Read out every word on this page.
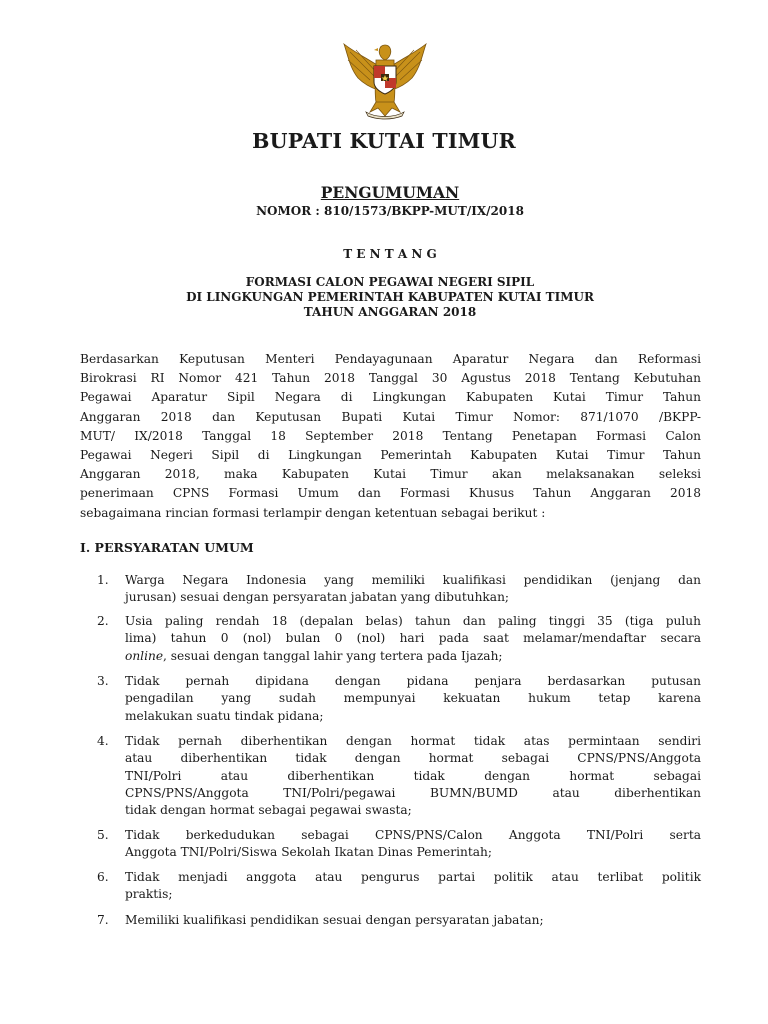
BUPATI KUTAI TIMUR
PENGUMUMAN
NOMOR : 810/1573/BKPP-MUT/IX/2018
T E N T A N G
FORMASI CALON PEGAWAI NEGERI SIPIL
DI LINGKUNGAN PEMERINTAH KABUPATEN KUTAI TIMUR
TAHUN ANGGARAN 2018
Berdasarkan Keputusan Menteri Pendayagunaan Aparatur Negara dan Reformasi
Birokrasi RI Nomor 421 Tahun 2018 Tanggal 30 Agustus 2018 Tentang Kebutuhan
Pegawai Aparatur Sipil Negara di Lingkungan Kabupaten Kutai Timur Tahun
Anggaran 2018 dan Keputusan Bupati Kutai Timur Nomor: 871/1070 /BKPP-
MUT/ IX/2018 Tanggal 18 September 2018 Tentang Penetapan Formasi Calon
Pegawai Negeri Sipil di Lingkungan Pemerintah Kabupaten Kutai Timur Tahun
Anggaran 2018, maka Kabupaten Kutai Timur akan melaksanakan seleksi
penerimaan CPNS Formasi Umum dan Formasi Khusus Tahun Anggaran 2018
sebagaimana rincian formasi terlampir dengan ketentuan sebagai berikut :
I. PERSYARATAN UMUM
1. Warga Negara Indonesia yang memiliki kualifikasi pendidikan (jenjang dan
jurusan) sesuai dengan persyaratan jabatan yang dibutuhkan;
2. Usia paling rendah 18 (depalan belas) tahun dan paling tinggi 35 (tiga puluh
lima) tahun 0 (nol) bulan 0 (nol) hari pada saat melamar/mendaftar secara
online, sesuai dengan tanggal lahir yang tertera pada Ijazah;
3. Tidak pernah dipidana dengan pidana penjara berdasarkan putusan
pengadilan yang sudah mempunyai kekuatan hukum tetap karena
melakukan suatu tindak pidana;
4. Tidak pernah diberhentikan dengan hormat tidak atas permintaan sendiri
atau diberhentikan tidak dengan hormat sebagai CPNS/PNS/Anggota
TNI/Polri atau diberhentikan tidak dengan hormat sebagai
CPNS/PNS/Anggota TNI/Polri/pegawai BUMN/BUMD atau diberhentikan
tidak dengan hormat sebagai pegawai swasta;
5. Tidak berkedudukan sebagai CPNS/PNS/Calon Anggota TNI/Polri serta
Anggota TNI/Polri/Siswa Sekolah Ikatan Dinas Pemerintah;
6. Tidak menjadi anggota atau pengurus partai politik atau terlibat politik
praktis;
7. Memiliki kualifikasi pendidikan sesuai dengan persyaratan jabatan;
